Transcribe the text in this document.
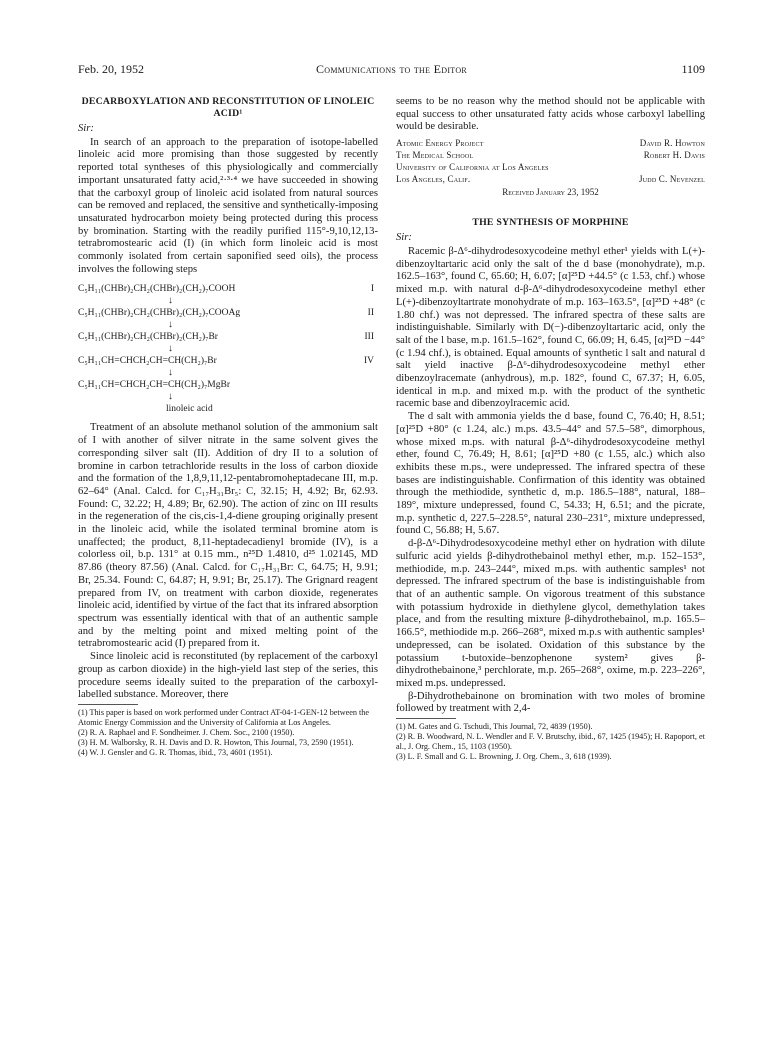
Feb. 20, 1952	Communications to the Editor	1109
DECARBOXYLATION AND RECONSTITUTION OF LINOLEIC ACID¹
Sir:

In search of an approach to the preparation of isotope-labelled linoleic acid more promising than those suggested by recently reported total syntheses of this physiologically and commercially important unsaturated fatty acid,²·³·⁴ we have succeeded in showing that the carboxyl group of linoleic acid isolated from natural sources can be removed and replaced, the sensitive and synthetically-imposing unsaturated hydrocarbon moiety being protected during this process by bromination. Starting with the readily purified 115°-9,10,12,13-tetrabromostearic acid (I) (in which form linoleic acid is most commonly isolated from certain saponified seed oils), the process involves the following steps

C₅H₁₁(CHBr)₂CH₂(CHBr)₂(CH₂)₇COOH	I
↓
C₅H₁₁(CHBr)₂CH₂(CHBr)₂(CH₂)₇COOAg	II
↓
C₅H₁₁(CHBr)₂CH₂(CHBr)₂(CH₂)₇Br	III
↓
C₅H₁₁CH=CHCH₂CH=CH(CH₂)₇Br	IV
↓
C₅H₁₁CH=CHCH₂CH=CH(CH₂)₇MgBr
↓
linoleic acid

Treatment of an absolute methanol solution of the ammonium salt of I with another of silver nitrate in the same solvent gives the corresponding silver salt (II). Addition of dry II to a solution of bromine in carbon tetrachloride results in the loss of carbon dioxide and the formation of the 1,8,9,11,12-pentabromoheptadecane III, m.p. 62–64° (Anal. Calcd. for C₁₇H₃₁Br₅: C, 32.15; H, 4.92; Br, 62.93. Found: C, 32.22; H, 4.89; Br, 62.90). The action of zinc on III results in the regeneration of the cis,cis-1,4-diene grouping originally present in the linoleic acid, while the isolated terminal bromine atom is unaffected; the product, 8,11-heptadecadienyl bromide (IV), is a colorless oil, b.p. 131° at 0.15 mm., n²⁵D 1.4810, d²⁵ 1.02145, MD 87.86 (theory 87.56) (Anal. Calcd. for C₁₇H₃₁Br: C, 64.75; H, 9.91; Br, 25.34. Found: C, 64.87; H, 9.91; Br, 25.17). The Grignard reagent prepared from IV, on treatment with carbon dioxide, regenerates linoleic acid, identified by virtue of the fact that its infrared absorption spectrum was essentially identical with that of an authentic sample and by the melting point and mixed melting point of the tetrabromostearic acid (I) prepared from it.

Since linoleic acid is reconstituted (by replacement of the carboxyl group as carbon dioxide) in the high-yield last step of the series, this procedure seems ideally suited to the preparation of the carboxyl-labelled substance. Moreover, there

(1) This paper is based on work performed under Contract AT-04-1-GEN-12 between the Atomic Energy Commission and the University of California at Los Angeles.
(2) R. A. Raphael and F. Sondheimer. J. Chem. Soc., 2100 (1950).
(3) H. M. Walborsky, R. H. Davis and D. R. Howton, This Journal, 73, 2590 (1951).
(4) W. J. Gensler and G. R. Thomas, ibid., 73, 4601 (1951).

seems to be no reason why the method should not be applicable with equal success to other unsaturated fatty acids whose carboxyl labelling would be desirable.

Atomic Energy Project	David R. Howton
The Medical School	Robert H. Davis
University of California at Los Angeles
Los Angeles, Calif.	Judd C. Nevenzel
Received January 23, 1952
THE SYNTHESIS OF MORPHINE
Sir:

Racemic β-Δ⁶-dihydrodesoxycodeine methyl ether¹ yields with L(+)-dibenzoyltartaric acid only the salt of the d base (monohydrate), m.p. 162.5–163°, found C, 65.60; H, 6.07; [α]²⁵D +44.5° (c 1.53, chf.) whose mixed m.p. with natural d-β-Δ⁶-dihydrodesoxycodeine methyl ether L(+)-dibenzoyltartrate monohydrate of m.p. 163–163.5°, [α]²⁵D +48° (c 1.80 chf.) was not depressed. The infrared spectra of these salts are indistinguishable. Similarly with D(−)-dibenzoyltartaric acid, only the salt of the l base, m.p. 161.5–162°, found C, 66.09; H, 6.45, [α]²⁵D −44° (c 1.94 chf.), is obtained. Equal amounts of synthetic l salt and natural d salt yield inactive β-Δ⁶-dihydrodesoxycodeine methyl ether dibenzoylracemate (anhydrous), m.p. 182°, found C, 67.37; H, 6.05, identical in m.p. and mixed m.p. with the product of the synthetic racemic base and dibenzoylracemic acid.

The d salt with ammonia yields the d base, found C, 76.40; H, 8.51; [α]²⁵D +80° (c 1.24, alc.) m.ps. 43.5–44° and 57.5–58°, dimorphous, whose mixed m.ps. with natural β-Δ⁶-dihydrodesoxycodeine methyl ether, found C, 76.49; H, 8.61; [α]²⁵D +80 (c 1.55, alc.) which also exhibits these m.ps., were undepressed. The infrared spectra of these bases are indistinguishable. Confirmation of this identity was obtained through the methiodide, synthetic d, m.p. 186.5–188°, natural, 188–189°, mixture undepressed, found C, 54.33; H, 6.51; and the picrate, m.p. synthetic d, 227.5–228.5°, natural 230–231°, mixture undepressed, found C, 56.88; H, 5.67.

d-β-Δ⁶-Dihydrodesoxycodeine methyl ether on hydration with dilute sulfuric acid yields β-dihydrothebainol methyl ether, m.p. 152–153°, methiodide, m.p. 243–244°, mixed m.ps. with authentic samples¹ not depressed. The infrared spectrum of the base is indistinguishable from that of an authentic sample. On vigorous treatment of this substance with potassium hydroxide in diethylene glycol, demethylation takes place, and from the resulting mixture β-dihydrothebainol, m.p. 165.5–166.5°, methiodide m.p. 266–268°, mixed m.p.s with authentic samples¹ undepressed, can be isolated. Oxidation of this substance by the potassium t-butoxide–benzophenone system² gives β-dihydrothebainone,³ perchlorate, m.p. 265–268°, oxime, m.p. 223–226°, mixed m.ps. undepressed.

β-Dihydrothebainone on bromination with two moles of bromine followed by treatment with 2,4-

(1) M. Gates and G. Tschudi, This Journal, 72, 4839 (1950).
(2) R. B. Woodward, N. L. Wendler and F. V. Brutschy, ibid., 67, 1425 (1945); H. Rapoport, et al., J. Org. Chem., 15, 1103 (1950).
(3) L. F. Small and G. L. Browning, J. Org. Chem., 3, 618 (1939).
